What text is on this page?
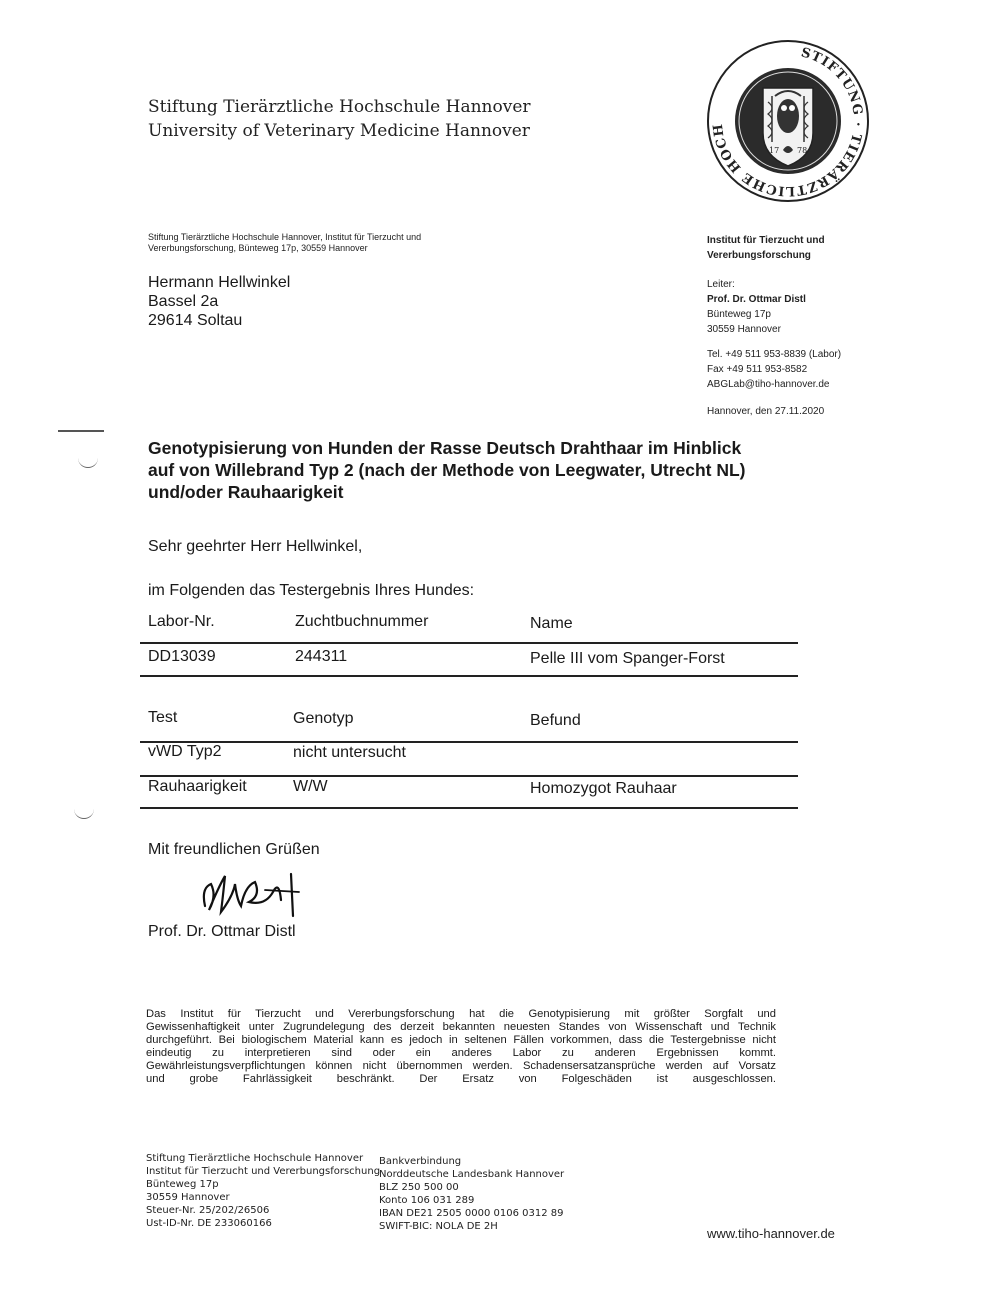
Stiftung Tierärztliche Hochschule Hannover
University of Veterinary Medicine Hannover
STIFTUNG · TIERÄRZTLICHE HOCH
17 78
Stiftung Tierärztliche Hochschule Hannover, Institut für Tierzucht und
Vererbungsforschung, Bünteweg 17p, 30559 Hannover
Hermann Hellwinkel
Bassel 2a
29614 Soltau
Institut für Tierzucht und
Vererbungsforschung
Leiter:
Prof. Dr. Ottmar Distl
Bünteweg 17p
30559 Hannover
Tel. +49 511 953-8839 (Labor)
Fax +49 511 953-8582
ABGLab@tiho-hannover.de
Hannover, den 27.11.2020
Genotypisierung von Hunden der Rasse Deutsch Drahthaar im Hinblick
auf von Willebrand Typ 2 (nach der Methode von Leegwater, Utrecht NL)
und/oder Rauhaarigkeit
Sehr geehrter Herr Hellwinkel,
im Folgenden das Testergebnis Ihres Hundes:
Labor-Nr.	Zuchtbuchnummer	Name
DD13039	244311	Pelle III vom Spanger-Forst
Test	Genotyp	Befund
vWD Typ2	nicht untersucht
Rauhaarigkeit	W/W	Homozygot Rauhaar
Mit freundlichen Grüßen
Prof. Dr. Ottmar Distl
Das Institut für Tierzucht und Vererbungsforschung hat die Genotypisierung mit größter Sorgfalt und
Gewissenhaftigkeit unter Zugrundelegung des derzeit bekannten neuesten Standes von Wissenschaft und Technik
durchgeführt. Bei biologischem Material kann es jedoch in seltenen Fällen vorkommen, dass die Testergebnisse nicht
eindeutig zu interpretieren sind oder ein anderes Labor zu anderen Ergebnissen kommt.
Gewährleistungsverpflichtungen können nicht übernommen werden. Schadensersatzansprüche werden auf Vorsatz
und grobe Fahrlässigkeit beschränkt. Der Ersatz von Folgeschäden ist ausgeschlossen.
Stiftung Tierärztliche Hochschule Hannover
Institut für Tierzucht und Vererbungsforschung
Bünteweg 17p
30559 Hannover
Steuer-Nr. 25/202/26506
Ust-ID-Nr. DE 233060166
Bankverbindung
Norddeutsche Landesbank Hannover
BLZ 250 500 00
Konto 106 031 289
IBAN DE21 2505 0000 0106 0312 89
SWIFT-BIC: NOLA DE 2H	www.tiho-hannover.de
